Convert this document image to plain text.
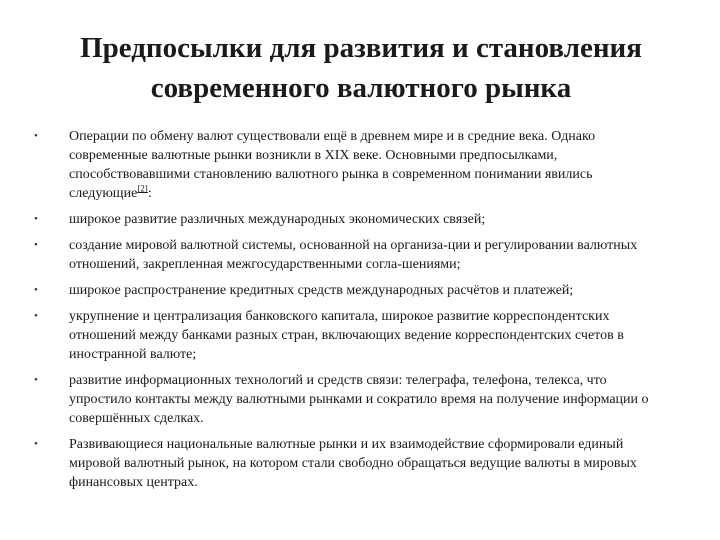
Предпосылки для развития и становления
современного валютного рынка
• Операции по обмену валют существовали ещё в древнем мире и в средние века. Однако современные валютные рынки возникли в XIX веке. Основными предпосылками, способствовавшими становлению валютного рынка в современном понимании явились следующие[2]:
• широкое развитие различных международных экономических связей;
• создание мировой валютной системы, основанной на организа-ции и регулировании валютных отношений, закрепленная межгосударственными согла-шениями;
• широкое распространение кредитных средств международных расчётов и платежей;
• укрупнение и централизация банковского капитала, широкое развитие корреспондентских отношений между банками разных стран, включающих ведение корреспондентских счетов в иностранной валюте;
• развитие информационных технологий и средств связи: телеграфа, телефона, телекса, что упростило контакты между валютными рынками и сократило время на получение информации о совершённых сделках.
• Развивающиеся национальные валютные рынки и их взаимодействие сформировали единый мировой валютный рынок, на котором стали свободно обращаться ведущие валюты в мировых финансовых центрах.
